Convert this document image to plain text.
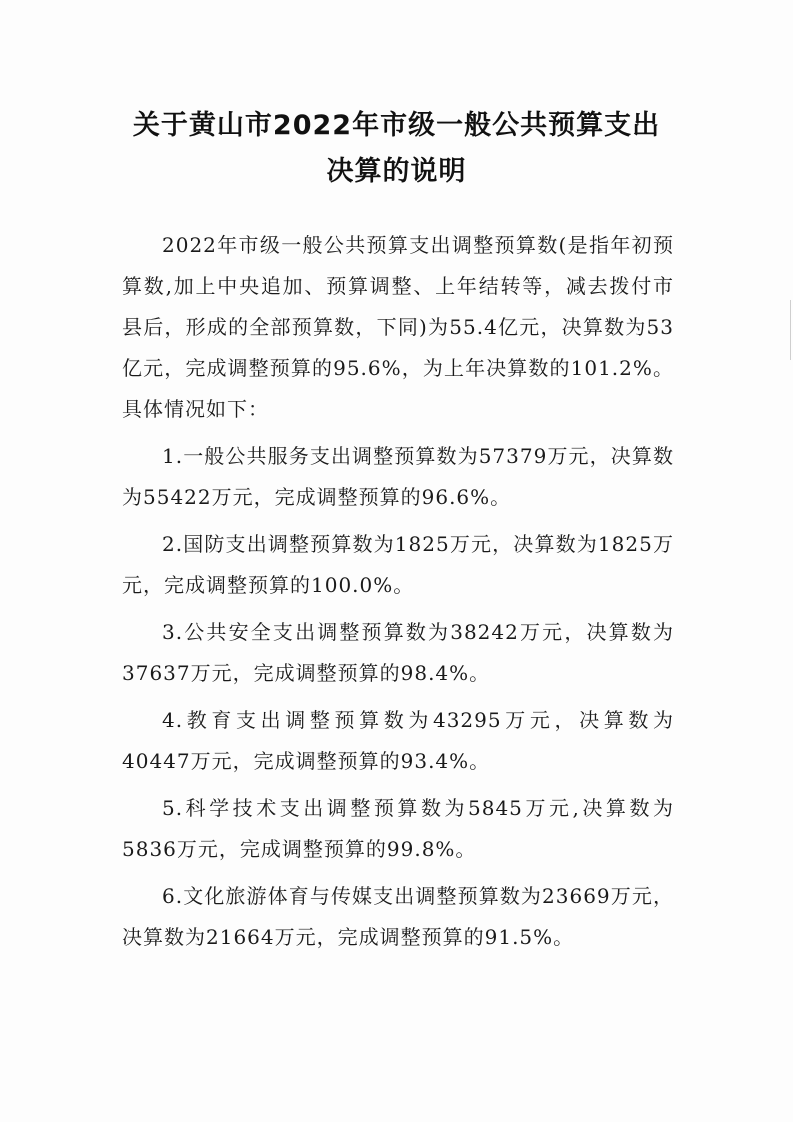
关于黄山市2022年市级一般公共预算支出
决算的说明

2022年市级一般公共预算支出调整预算数(是指年初预算数,加上中央追加、预算调整、上年结转等，减去拨付市县后，形成的全部预算数，下同)为55.4亿元，决算数为53亿元，完成调整预算的95.6%，为上年决算数的101.2%。具体情况如下：

1.一般公共服务支出调整预算数为57379万元，决算数为55422万元，完成调整预算的96.6%。

2.国防支出调整预算数为1825万元，决算数为1825万元，完成调整预算的100.0%。

3.公共安全支出调整预算数为38242万元，决算数为37637万元，完成调整预算的98.4%。

4.教育支出调整预算数为43295万元，决算数为40447万元，完成调整预算的93.4%。

5.科学技术支出调整预算数为5845万元,决算数为5836万元，完成调整预算的99.8%。

6.文化旅游体育与传媒支出调整预算数为23669万元，决算数为21664万元，完成调整预算的91.5%。
